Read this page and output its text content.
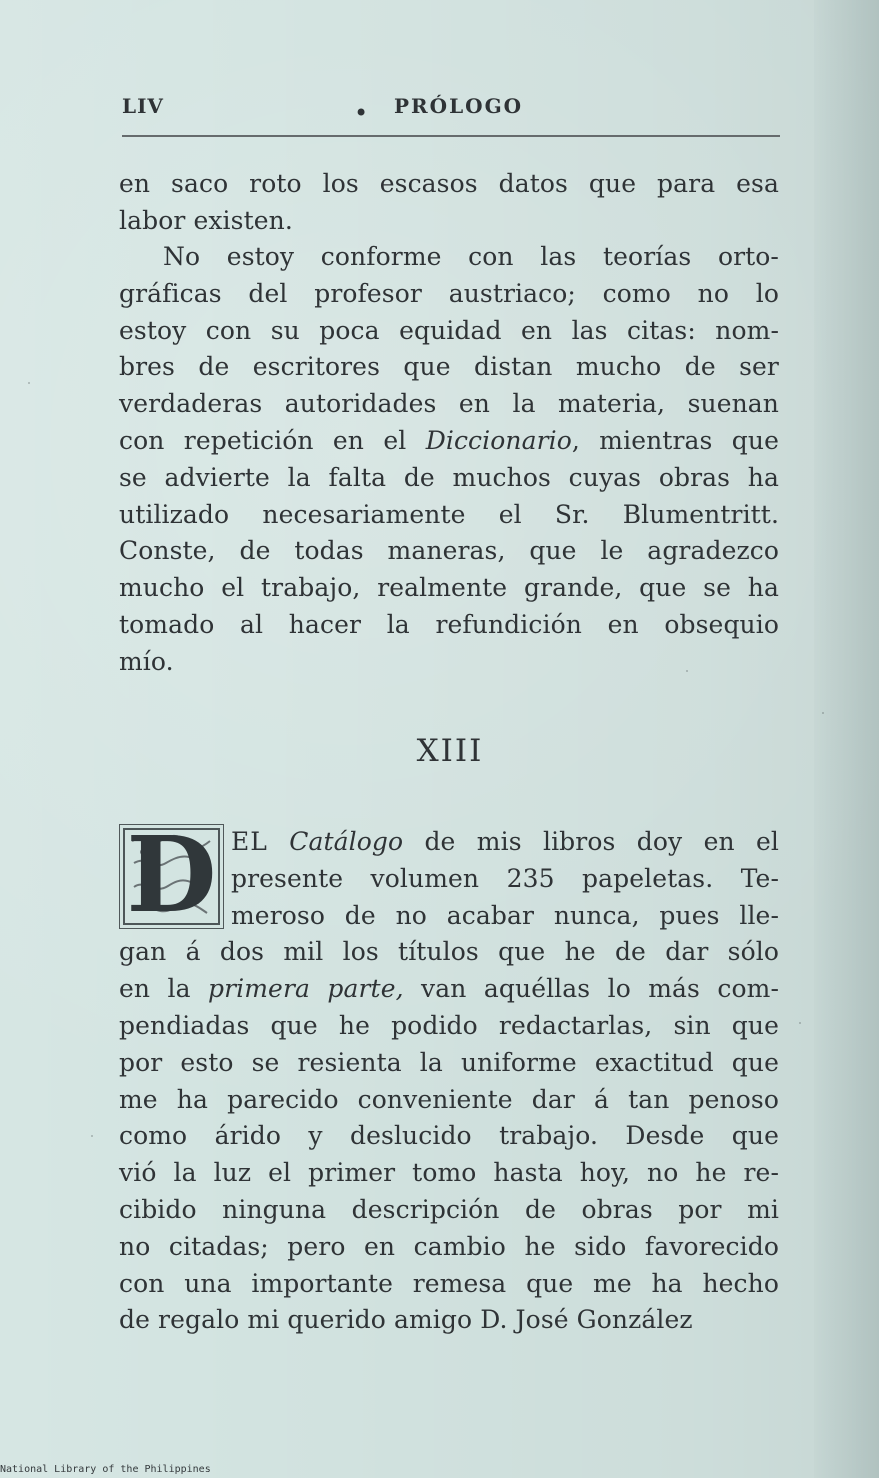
LIV	• PRÓLOGO
en saco roto los escasos datos que para esa
labor existen.
No estoy conforme con las teorías orto-
gráficas del profesor austriaco; como no lo
estoy con su poca equidad en las citas: nom-
bres de escritores que distan mucho de ser
verdaderas autoridades en la materia, suenan
con repetición en el Diccionario, mientras que
se advierte la falta de muchos cuyas obras ha
utilizado necesariamente el Sr. Blumentritt.
Conste, de todas maneras, que le agradezco
mucho el trabajo, realmente grande, que se ha
tomado al hacer la refundición en obsequio
mío.
XIII
D EL Catálogo de mis libros doy en el
presente volumen 235 papeletas. Te-
meroso de no acabar nunca, pues lle-
gan á dos mil los títulos que he de dar sólo
en la primera parte, van aquéllas lo más com-
pendiadas que he podido redactarlas, sin que
por esto se resienta la uniforme exactitud que
me ha parecido conveniente dar á tan penoso
como árido y deslucido trabajo. Desde que
vió la luz el primer tomo hasta hoy, no he re-
cibido ninguna descripción de obras por mi
no citadas; pero en cambio he sido favorecido
con una importante remesa que me ha hecho
de regalo mi querido amigo D. José González
National Library of the Philippines
